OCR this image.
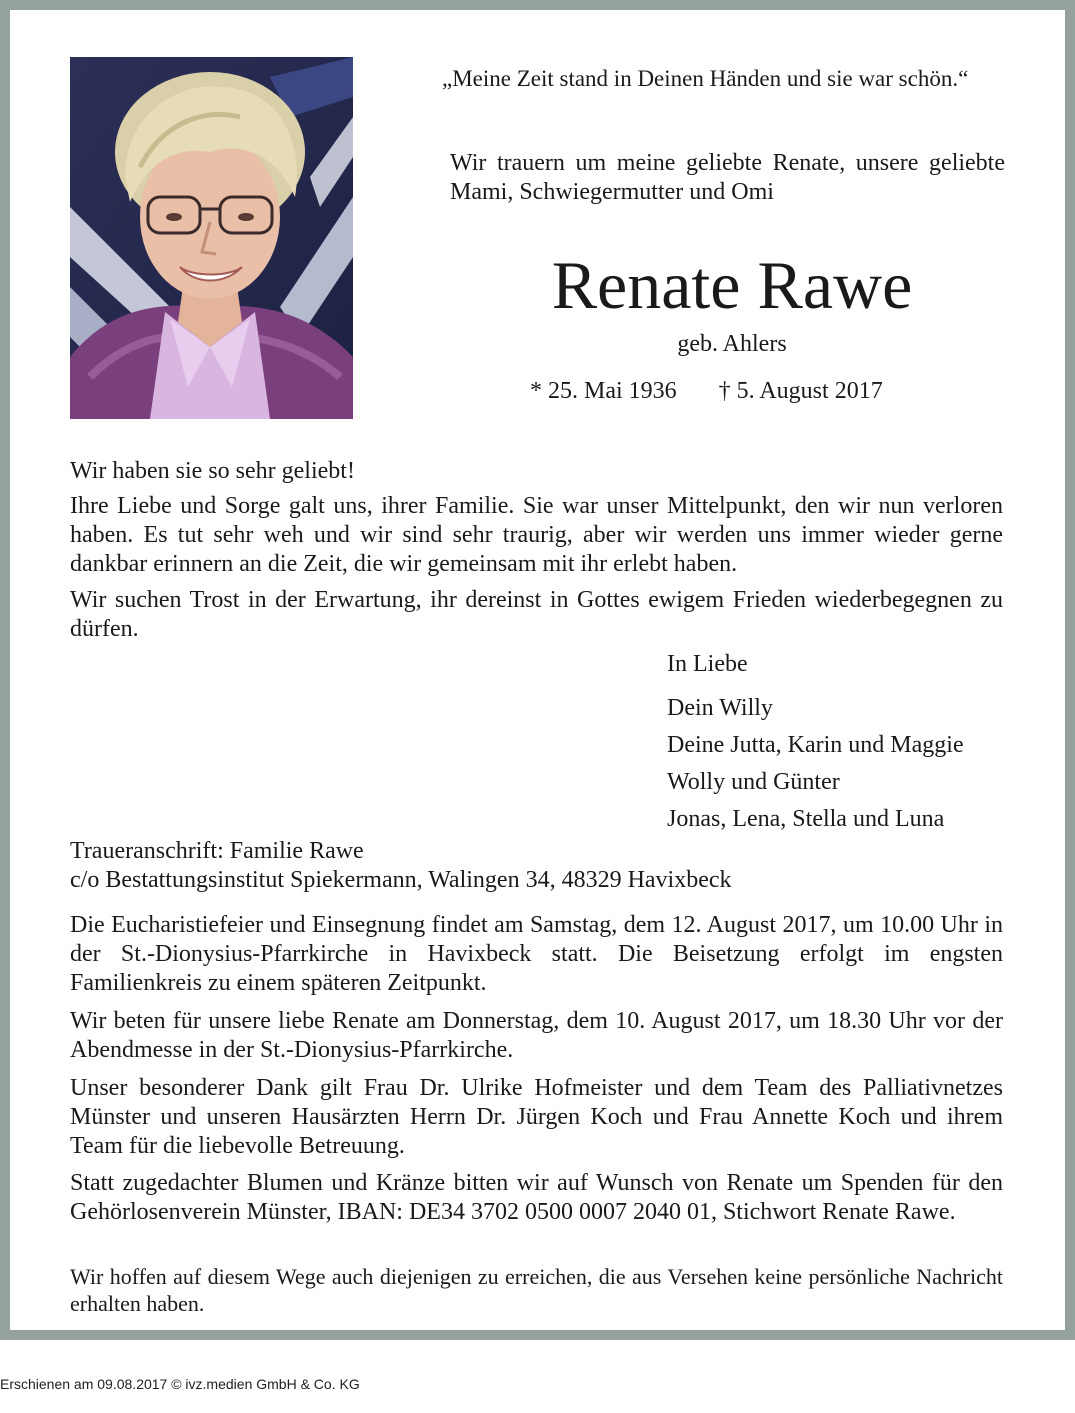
„Meine Zeit stand in Deinen Händen und sie war schön.“
Wir trauern um meine geliebte Renate, unsere geliebte Mami, Schwiegermutter und Omi
Renate Rawe
geb. Ahlers
* 25. Mai 1936 † 5. August 2017

Wir haben sie so sehr geliebt!

Ihre Liebe und Sorge galt uns, ihrer Familie. Sie war unser Mittelpunkt, den wir nun verloren haben. Es tut sehr weh und wir sind sehr traurig, aber wir werden uns immer wieder gerne dankbar erinnern an die Zeit, die wir gemeinsam mit ihr erlebt haben.

Wir suchen Trost in der Erwartung, ihr dereinst in Gottes ewigem Frieden wiederbegegnen zu dürfen.

In Liebe
Dein Willy
Deine Jutta, Karin und Maggie
Wolly und Günter
Jonas, Lena, Stella und Luna
Traueranschrift: Familie Rawe
c/o Bestattungsinstitut Spiekermann, Walingen 34, 48329 Havixbeck

Die Eucharistiefeier und Einsegnung findet am Samstag, dem 12. August 2017, um 10.00 Uhr in der St.-Dionysius-Pfarrkirche in Havixbeck statt. Die Beisetzung erfolgt im engsten Familienkreis zu einem späteren Zeitpunkt.

Wir beten für unsere liebe Renate am Donnerstag, dem 10. August 2017, um 18.30 Uhr vor der Abendmesse in der St.-Dionysius-Pfarrkirche.

Unser besonderer Dank gilt Frau Dr. Ulrike Hofmeister und dem Team des Palliativnetzes Münster und unseren Hausärzten Herrn Dr. Jürgen Koch und Frau Annette Koch und ihrem Team für die liebevolle Betreuung.

Statt zugedachter Blumen und Kränze bitten wir auf Wunsch von Renate um Spenden für den Gehörlosenverein Münster, IBAN: DE34 3702 0500 0007 2040 01, Stichwort Renate Rawe.

Wir hoffen auf diesem Wege auch diejenigen zu erreichen, die aus Versehen keine persönliche Nachricht erhalten haben.

Erschienen am 09.08.2017 © ivz.medien GmbH & Co. KG
